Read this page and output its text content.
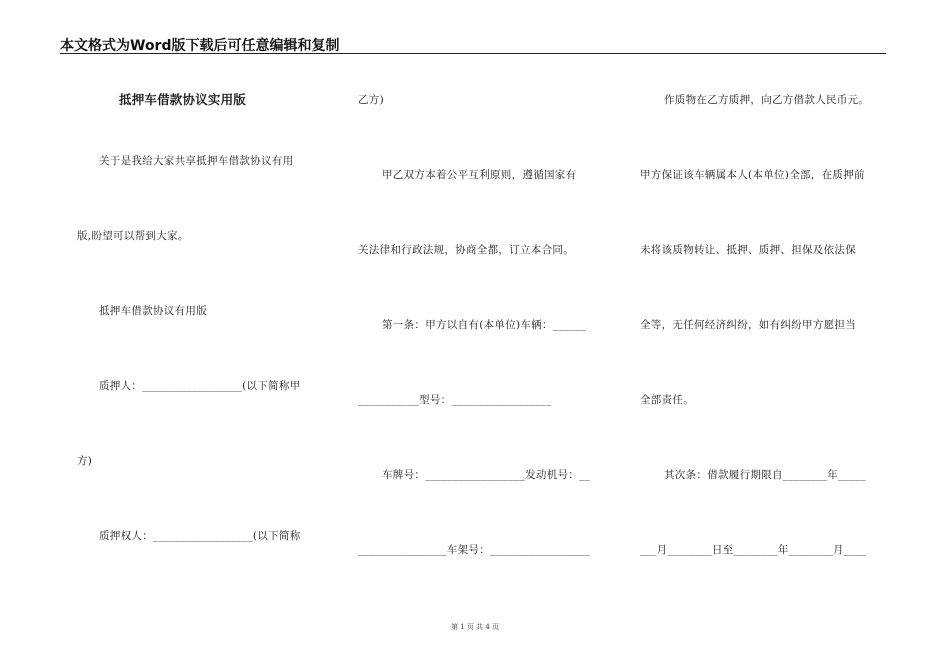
本文格式为Word版下载后可任意编辑和复制
抵押车借款协议实用版
关于是我给大家共享抵押车借款协议有用
版,盼望可以帮到大家。
抵押车借款协议有用版
质押人：__________________(以下简称甲
方)
质押权人：__________________(以下简称
乙方)
甲乙双方本着公平互利原则，遵循国家有
关法律和行政法规，协商全都，订立本合同。
第一条：甲方以自有(本单位)车辆：______
___________型号：__________________
车牌号：__________________发动机号：__
________________车架号：__________________
作质物在乙方质押，向乙方借款人民币元。
甲方保证该车辆属本人(本单位)全部，在质押前
未将该质物转让、抵押、质押、担保及依法保
全等，无任何经济纠纷，如有纠纷甲方愿担当
全部责任。
其次条：借款履行期限自________年_____
___月________日至________年________月____
第 1 页 共 4 页
